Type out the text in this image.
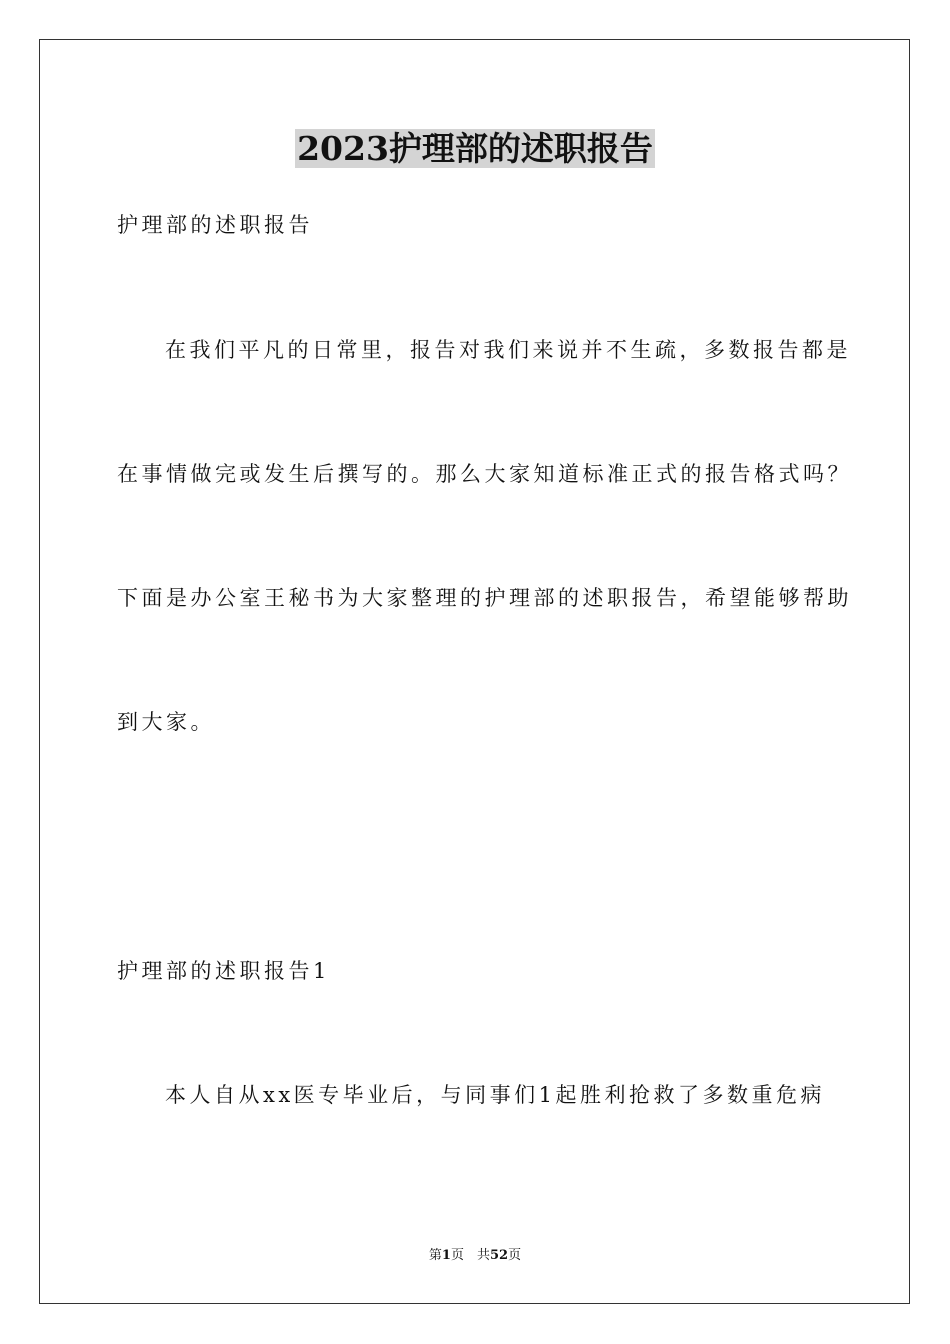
2023护理部的述职报告
护理部的述职报告
在我们平凡的日常里，报告对我们来说并不生疏，多数报告都是
在事情做完或发生后撰写的。那么大家知道标准正式的报告格式吗？
下面是办公室王秘书为大家整理的护理部的述职报告，希望能够帮助
到大家。
护理部的述职报告1
本人自从xx医专毕业后，与同事们1起胜利抢救了多数重危病
第1页　共52页
